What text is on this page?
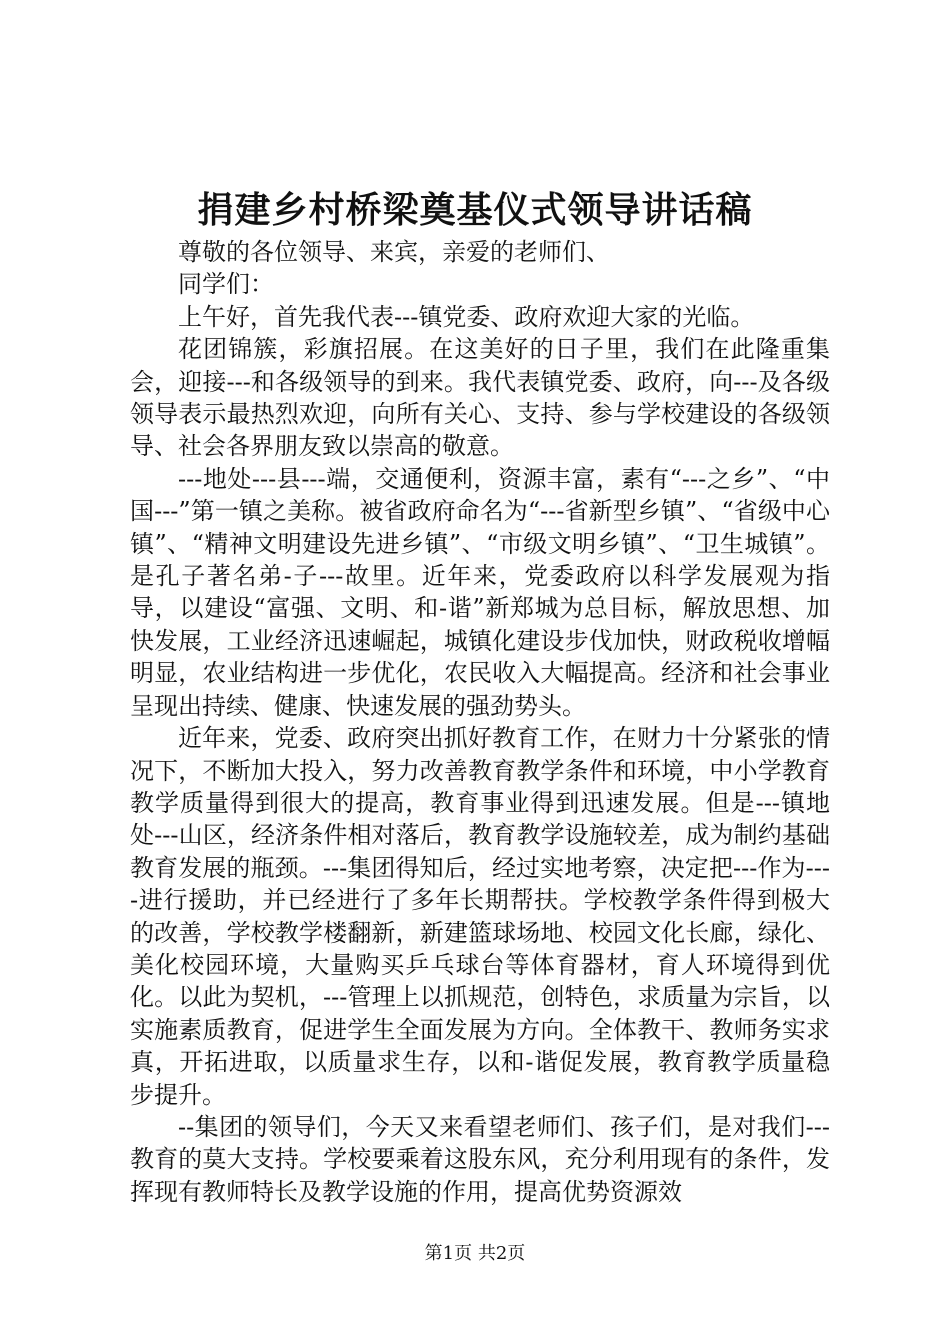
捐建乡村桥梁奠基仪式领导讲话稿

尊敬的各位领导、来宾，亲爱的老师们、

同学们：

上午好，首先我代表---镇党委、政府欢迎大家的光临。

花团锦簇，彩旗招展。在这美好的日子里，我们在此隆重集会，迎接---和各级领导的到来。我代表镇党委、政府，向---及各级领导表示最热烈欢迎，向所有关心、支持、参与学校建设的各级领导、社会各界朋友致以崇高的敬意。

---地处---县---端，交通便利，资源丰富，素有“---之乡”、“中国---”第一镇之美称。被省政府命名为“---省新型乡镇”、“省级中心镇”、“精神文明建设先进乡镇”、“市级文明乡镇”、“卫生城镇”。是孔子著名弟-子---故里。近年来，党委政府以科学发展观为指导，以建设“富强、文明、和-谐”新郑城为总目标，解放思想、加快发展，工业经济迅速崛起，城镇化建设步伐加快，财政税收增幅明显，农业结构进一步优化，农民收入大幅提高。经济和社会事业呈现出持续、健康、快速发展的强劲势头。

近年来，党委、政府突出抓好教育工作，在财力十分紧张的情况下，不断加大投入，努力改善教育教学条件和环境，中小学教育教学质量得到很大的提高，教育事业得到迅速发展。但是---镇地处---山区，经济条件相对落后，教育教学设施较差，成为制约基础教育发展的瓶颈。---集团得知后，经过实地考察，决定把---作为----进行援助，并已经进行了多年长期帮扶。学校教学条件得到极大的改善，学校教学楼翻新，新建篮球场地、校园文化长廊，绿化、美化校园环境，大量购买乒乓球台等体育器材，育人环境得到优化。以此为契机，---管理上以抓规范，创特色，求质量为宗旨，以实施素质教育，促进学生全面发展为方向。全体教干、教师务实求真，开拓进取，以质量求生存，以和-谐促发展，教育教学质量稳步提升。

--集团的领导们，今天又来看望老师们、孩子们，是对我们---教育的莫大支持。学校要乘着这股东风，充分利用现有的条件，发挥现有教师特长及教学设施的作用，提高优势资源效

第1页 共2页
